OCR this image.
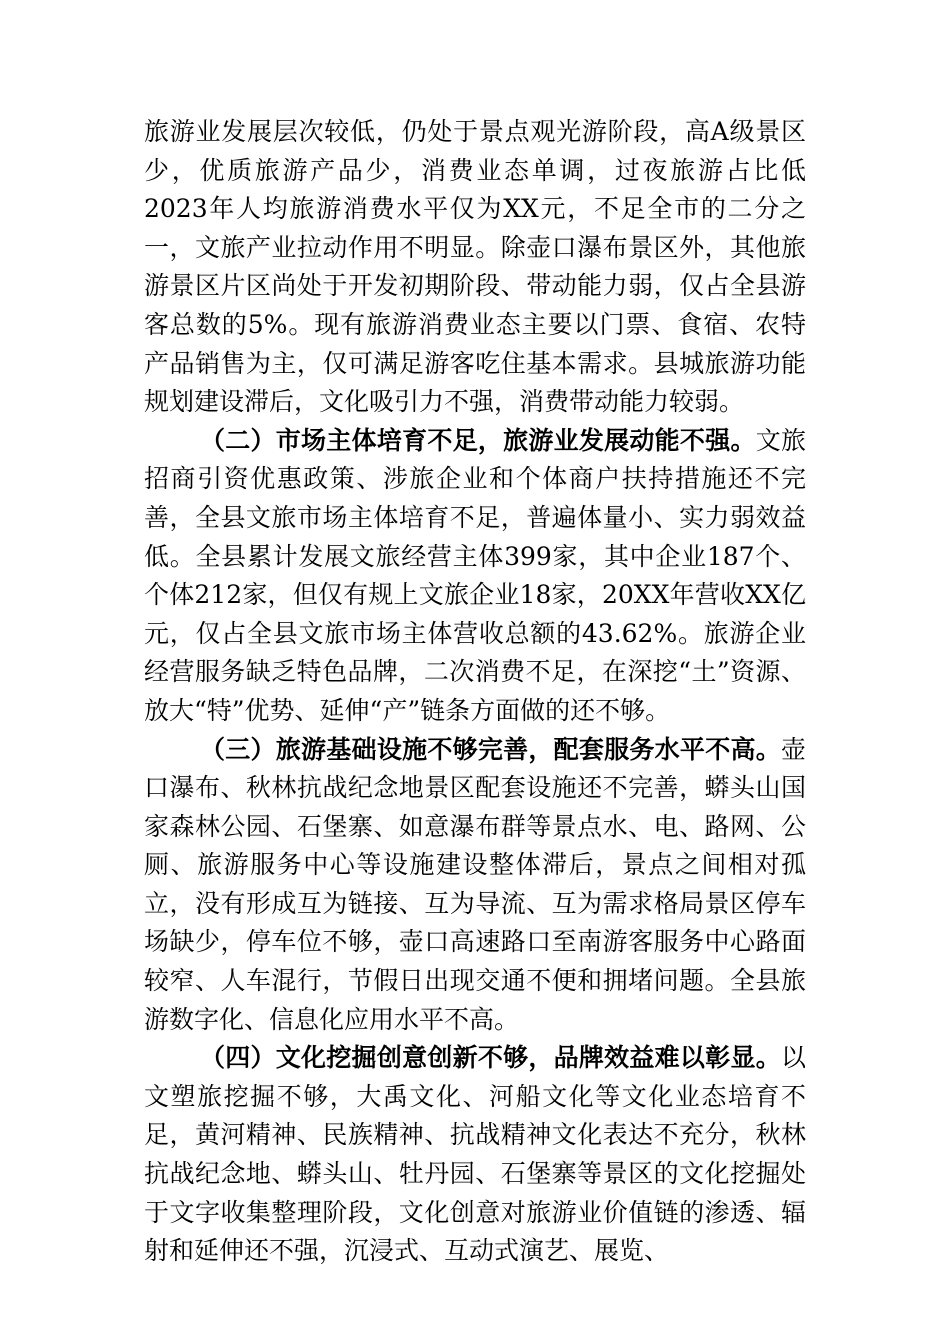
旅游业发展层次较低，仍处于景点观光游阶段，高A级景区少，优质旅游产品少，消费业态单调，过夜旅游占比低2023年人均旅游消费水平仅为XX元，不足全市的二分之一，文旅产业拉动作用不明显。除壶口瀑布景区外，其他旅游景区片区尚处于开发初期阶段、带动能力弱，仅占全县游客总数的5%。现有旅游消费业态主要以门票、食宿、农特产品销售为主，仅可满足游客吃住基本需求。县城旅游功能规划建设滞后，文化吸引力不强，消费带动能力较弱。

（二）市场主体培育不足，旅游业发展动能不强。文旅招商引资优惠政策、涉旅企业和个体商户扶持措施还不完善，全县文旅市场主体培育不足，普遍体量小、实力弱效益低。全县累计发展文旅经营主体399家，其中企业187个、个体212家，但仅有规上文旅企业18家，20XX年营收XX亿元，仅占全县文旅市场主体营收总额的43.62%。旅游企业经营服务缺乏特色品牌，二次消费不足，在深挖“土”资源、放大“特”优势、延伸“产”链条方面做的还不够。

（三）旅游基础设施不够完善，配套服务水平不高。壶口瀑布、秋林抗战纪念地景区配套设施还不完善，蟒头山国家森林公园、石堡寨、如意瀑布群等景点水、电、路网、公厕、旅游服务中心等设施建设整体滞后，景点之间相对孤立，没有形成互为链接、互为导流、互为需求格局景区停车场缺少，停车位不够，壶口高速路口至南游客服务中心路面较窄、人车混行，节假日出现交通不便和拥堵问题。全县旅游数字化、信息化应用水平不高。

（四）文化挖掘创意创新不够，品牌效益难以彰显。以文塑旅挖掘不够，大禹文化、河船文化等文化业态培育不足，黄河精神、民族精神、抗战精神文化表达不充分，秋林抗战纪念地、蟒头山、牡丹园、石堡寨等景区的文化挖掘处于文字收集整理阶段，文化创意对旅游业价值链的渗透、辐射和延伸还不强，沉浸式、互动式演艺、展览、
